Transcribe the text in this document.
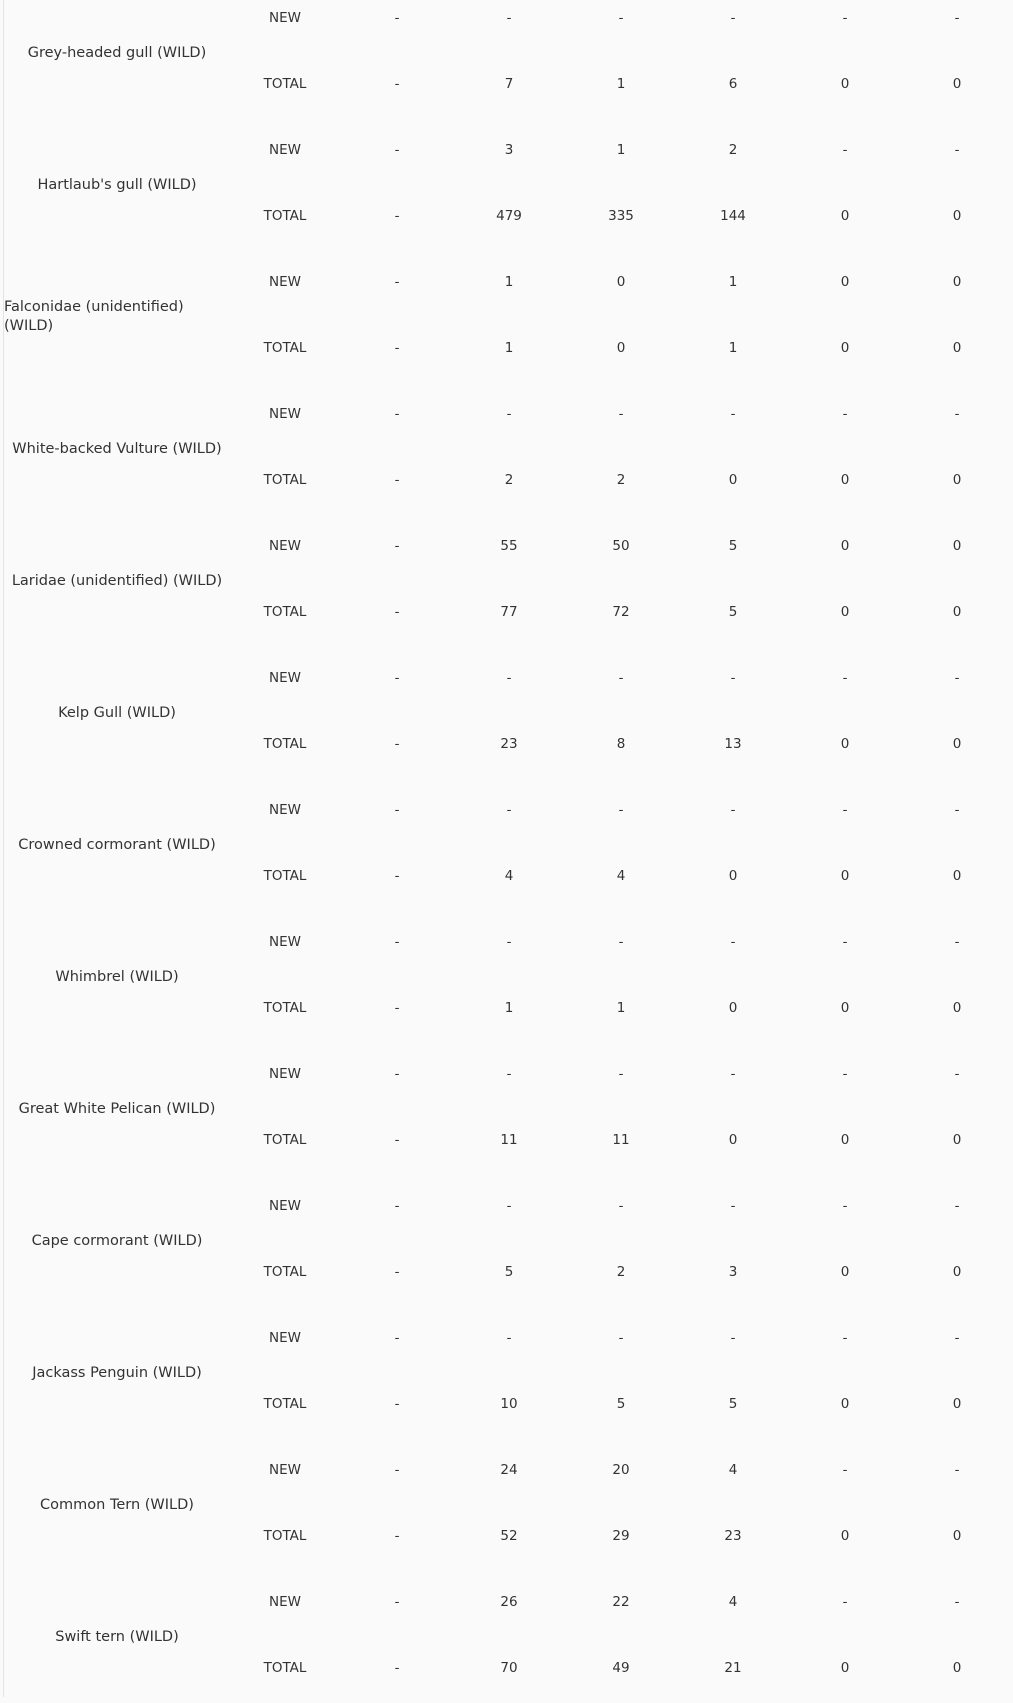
Grey-headed gull (WILD)
NEW	-	-	-	-	-	-
TOTAL	-	7	1	6	0	0
Hartlaub's gull (WILD)
NEW	-	3	1	2	-	-
TOTAL	-	479	335	144	0	0
Falconidae (unidentified) (WILD)
NEW	-	1	0	1	0	0
TOTAL	-	1	0	1	0	0
White-backed Vulture (WILD)
NEW	-	-	-	-	-	-
TOTAL	-	2	2	0	0	0
Laridae (unidentified) (WILD)
NEW	-	55	50	5	0	0
TOTAL	-	77	72	5	0	0
Kelp Gull (WILD)
NEW	-	-	-	-	-	-
TOTAL	-	23	8	13	0	0
Crowned cormorant (WILD)
NEW	-	-	-	-	-	-
TOTAL	-	4	4	0	0	0
Whimbrel (WILD)
NEW	-	-	-	-	-	-
TOTAL	-	1	1	0	0	0
Great White Pelican (WILD)
NEW	-	-	-	-	-	-
TOTAL	-	11	11	0	0	0
Cape cormorant (WILD)
NEW	-	-	-	-	-	-
TOTAL	-	5	2	3	0	0
Jackass Penguin (WILD)
NEW	-	-	-	-	-	-
TOTAL	-	10	5	5	0	0
Common Tern (WILD)
NEW	-	24	20	4	-	-
TOTAL	-	52	29	23	0	0
Swift tern (WILD)
NEW	-	26	22	4	-	-
TOTAL	-	70	49	21	0	0
